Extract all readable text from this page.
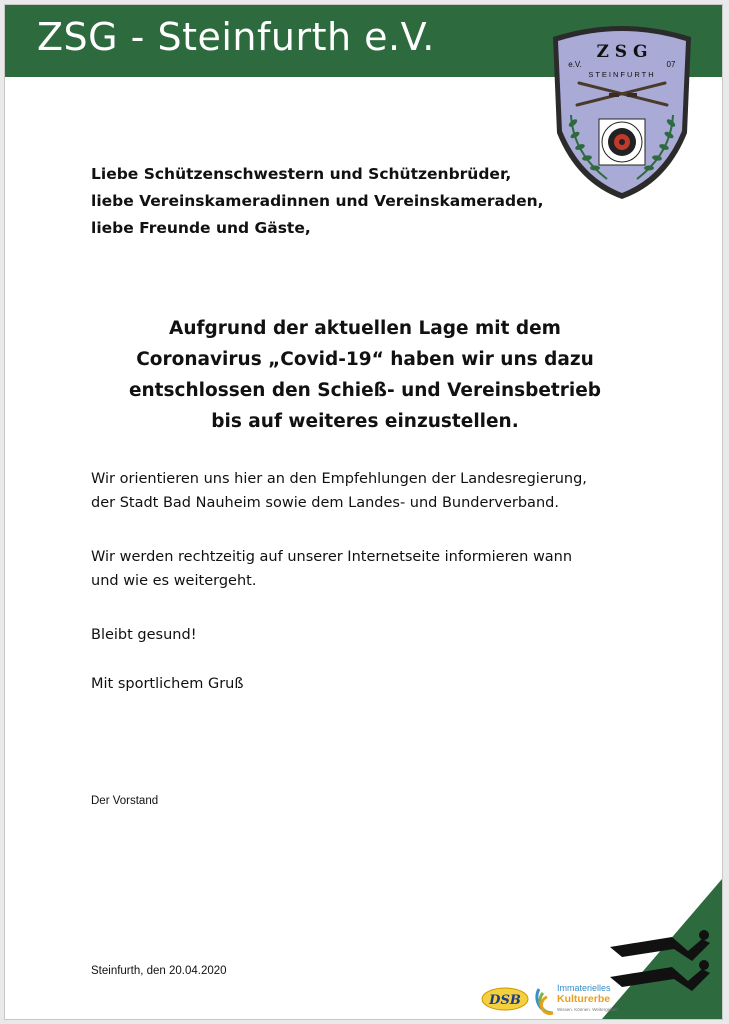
ZSG - Steinfurth e.V.	Z S G
e.V.	07
STEINFURTH
Liebe Schützenschwestern und Schützenbrüder,
liebe Vereinskameradinnen und Vereinskameraden,
liebe Freunde und Gäste,
Aufgrund der aktuellen Lage mit dem
Coronavirus „Covid-19“ haben wir uns dazu
entschlossen den Schieß- und Vereinsbetrieb
bis auf weiteres einzustellen.
Wir orientieren uns hier an den Empfehlungen der Landesregierung,
der Stadt Bad Nauheim sowie dem Landes- und Bunderverband.
Wir werden rechtzeitig auf unserer Internetseite informieren wann
und wie es weitergeht.
Bleibt gesund!
Mit sportlichem Gruß
Der Vorstand
Steinfurth, den 20.04.2020
DSB
Immaterielles
Kulturerbe
Wissen. Können. Weitergeben.
